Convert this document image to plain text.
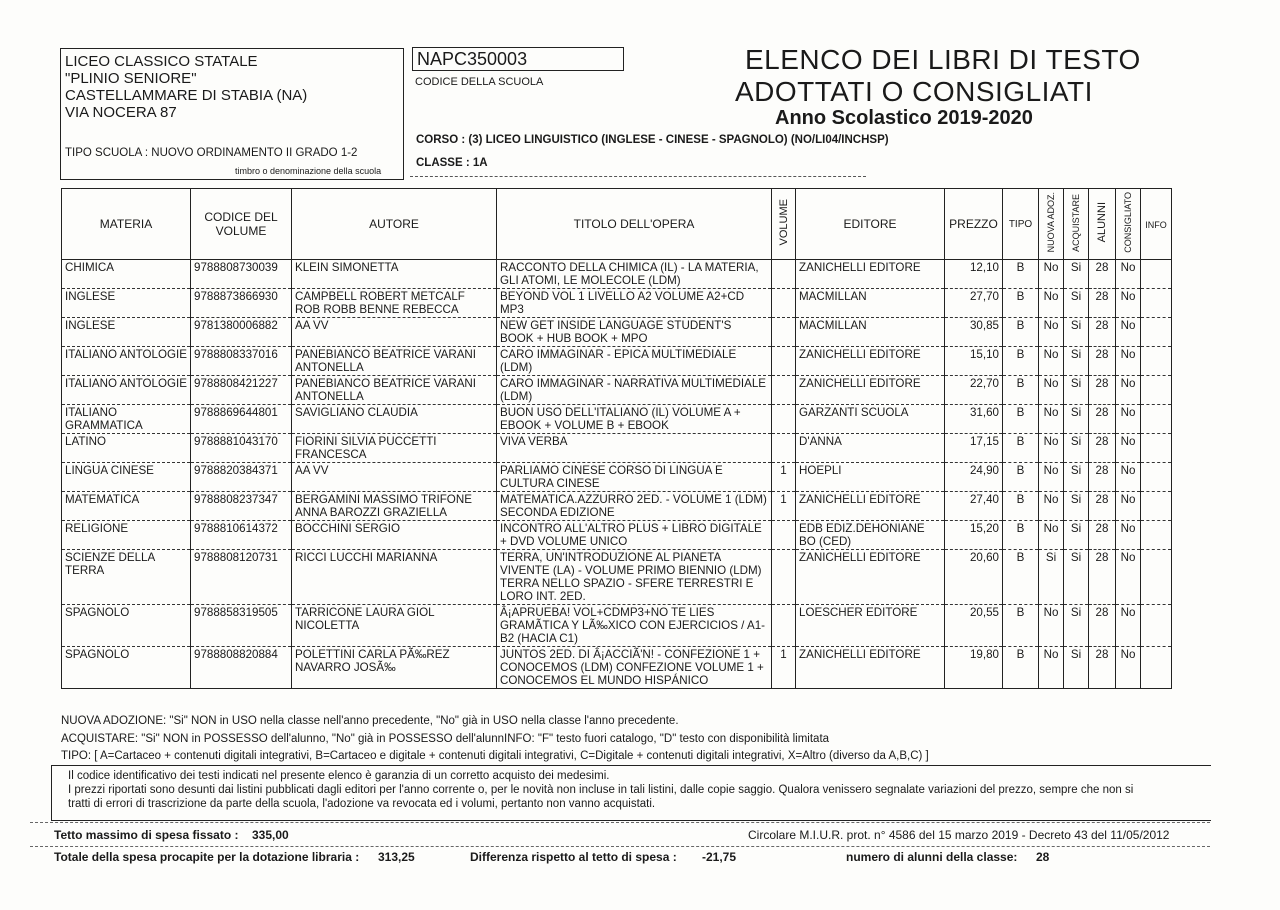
LICEO CLASSICO STATALE
"PLINIO SENIORE"
CASTELLAMMARE DI STABIA (NA)
VIA NOCERA 87
TIPO SCUOLA : NUOVO ORDINAMENTO II GRADO 1-2
timbro o denominazione della scuola
NAPC350003
CODICE DELLA SCUOLA
ELENCO DEI LIBRI DI TESTO
ADOTTATI O CONSIGLIATI
Anno Scolastico 2019-2020
CORSO : (3) LICEO LINGUISTICO (INGLESE - CINESE - SPAGNOLO) (NO/LI04/INCHSP)
CLASSE : 1A
MATERIA	CODICE DEL VOLUME	AUTORE	TITOLO DELL'OPERA	VOLUME	EDITORE	PREZZO	TIPO	NUOVA ADOZ.	ACQUISTARE	ALUNNI	CONSIGLIATO	INFO
CHIMICA	9788808730039	KLEIN SIMONETTA	RACCONTO DELLA CHIMICA (IL) - LA MATERIA, GLI ATOMI, LE MOLECOLE (LDM)		ZANICHELLI EDITORE	12,10	B	No	Si	28	No	
INGLESE	9788873866930	CAMPBELL ROBERT METCALF ROB ROBB BENNE REBECCA	BEYOND VOL 1 LIVELLO A2 VOLUME A2+CD MP3		MACMILLAN	27,70	B	No	Si	28	No	
INGLESE	9781380006882	AA VV	NEW GET INSIDE LANGUAGE STUDENT'S BOOK + HUB BOOK + MPO		MACMILLAN	30,85	B	No	Si	28	No	
ITALIANO ANTOLOGIE	9788808337016	PANEBIANCO BEATRICE VARANI ANTONELLA	CARO IMMAGINAR - EPICA MULTIMEDIALE (LDM)		ZANICHELLI EDITORE	15,10	B	No	Si	28	No	
ITALIANO ANTOLOGIE	9788808421227	PANEBIANCO BEATRICE VARANI ANTONELLA	CARO IMMAGINAR - NARRATIVA MULTIMEDIALE (LDM)		ZANICHELLI EDITORE	22,70	B	No	Si	28	No	
ITALIANO GRAMMATICA	9788869644801	SAVIGLIANO CLAUDIA	BUON USO DELL'ITALIANO (IL) VOLUME A + EBOOK + VOLUME B + EBOOK		GARZANTI SCUOLA	31,60	B	No	Si	28	No	
LATINO	9788881043170	FIORINI SILVIA PUCCETTI FRANCESCA	VIVA VERBA		D'ANNA	17,15	B	No	Si	28	No	
LINGUA CINESE	9788820384371	AA VV	PARLIAMO CINESE CORSO DI LINGUA E CULTURA CINESE	1	HOEPLI	24,90	B	No	Si	28	No	
MATEMATICA	9788808237347	BERGAMINI MASSIMO TRIFONE ANNA BAROZZI GRAZIELLA	MATEMATICA.AZZURRO 2ED. - VOLUME 1 (LDM) SECONDA EDIZIONE	1	ZANICHELLI EDITORE	27,40	B	No	Si	28	No	
RELIGIONE	9788810614372	BOCCHINI SERGIO	INCONTRO ALL'ALTRO PLUS + LIBRO DIGITALE + DVD VOLUME UNICO		EDB EDIZ.DEHONIANE BO (CED)	15,20	B	No	Si	28	No	
SCIENZE DELLA TERRA	9788808120731	RICCI LUCCHI MARIANNA	TERRA, UN'INTRODUZIONE AL PIANETA VIVENTE (LA) - VOLUME PRIMO BIENNIO (LDM) TERRA NELLO SPAZIO - SFERE TERRESTRI E LORO INT. 2ED.		ZANICHELLI EDITORE	20,60	B	Si	Si	28	No	
SPAGNOLO	9788858319505	TARRICONE LAURA GIOL NICOLETTA	Â¡APRUEBA! VOL+CDMP3+NO TE LIES GRAMÃTICA Y LÃ‰XICO CON EJERCICIOS / A1-B2 (HACIA C1)		LOESCHER EDITORE	20,55	B	No	Si	28	No	
SPAGNOLO	9788808820884	POLETTINI CARLA PÃ‰REZ NAVARRO JOSÃ‰	JUNTOS 2ED. DI Â¡ACCIÃ'N! - CONFEZIONE 1 + CONOCEMOS (LDM) CONFEZIONE VOLUME 1 + CONOCEMOS EL MUNDO HISPÁNICO	1	ZANICHELLI EDITORE	19,80	B	No	Si	28	No	
NUOVA ADOZIONE: "Si" NON in USO nella classe nell'anno precedente, "No" già in USO nella classe l'anno precedente.
ACQUISTARE: "Si" NON in POSSESSO dell'alunno, "No" già in POSSESSO dell'alunnINFO: "F" testo fuori catalogo, "D" testo con disponibilità limitata
TIPO: [ A=Cartaceo + contenuti digitali integrativi, B=Cartaceo e digitale + contenuti digitali integrativi, C=Digitale + contenuti digitali integrativi, X=Altro (diverso da A,B,C) ]
Il codice identificativo dei testi indicati nel presente elenco è garanzia di un corretto acquisto dei medesimi.
I prezzi riportati sono desunti dai listini pubblicati dagli editori per l'anno corrente o, per le novità non incluse in tali listini, dalle copie saggio. Qualora venissero segnalate variazioni del prezzo, sempre che non si
tratti di errori di trascrizione da parte della scuola, l'adozione va revocata ed i volumi, pertanto non vanno acquistati.
Tetto massimo di spesa fissato : 335,00	Circolare M.I.U.R. prot. n° 4586 del 15 marzo 2019 - Decreto 43 del 11/05/2012
Totale della spesa procapite per la dotazione libraria : 313,25	Differenza rispetto al tetto di spesa : -21,75	numero di alunni della classe: 28
